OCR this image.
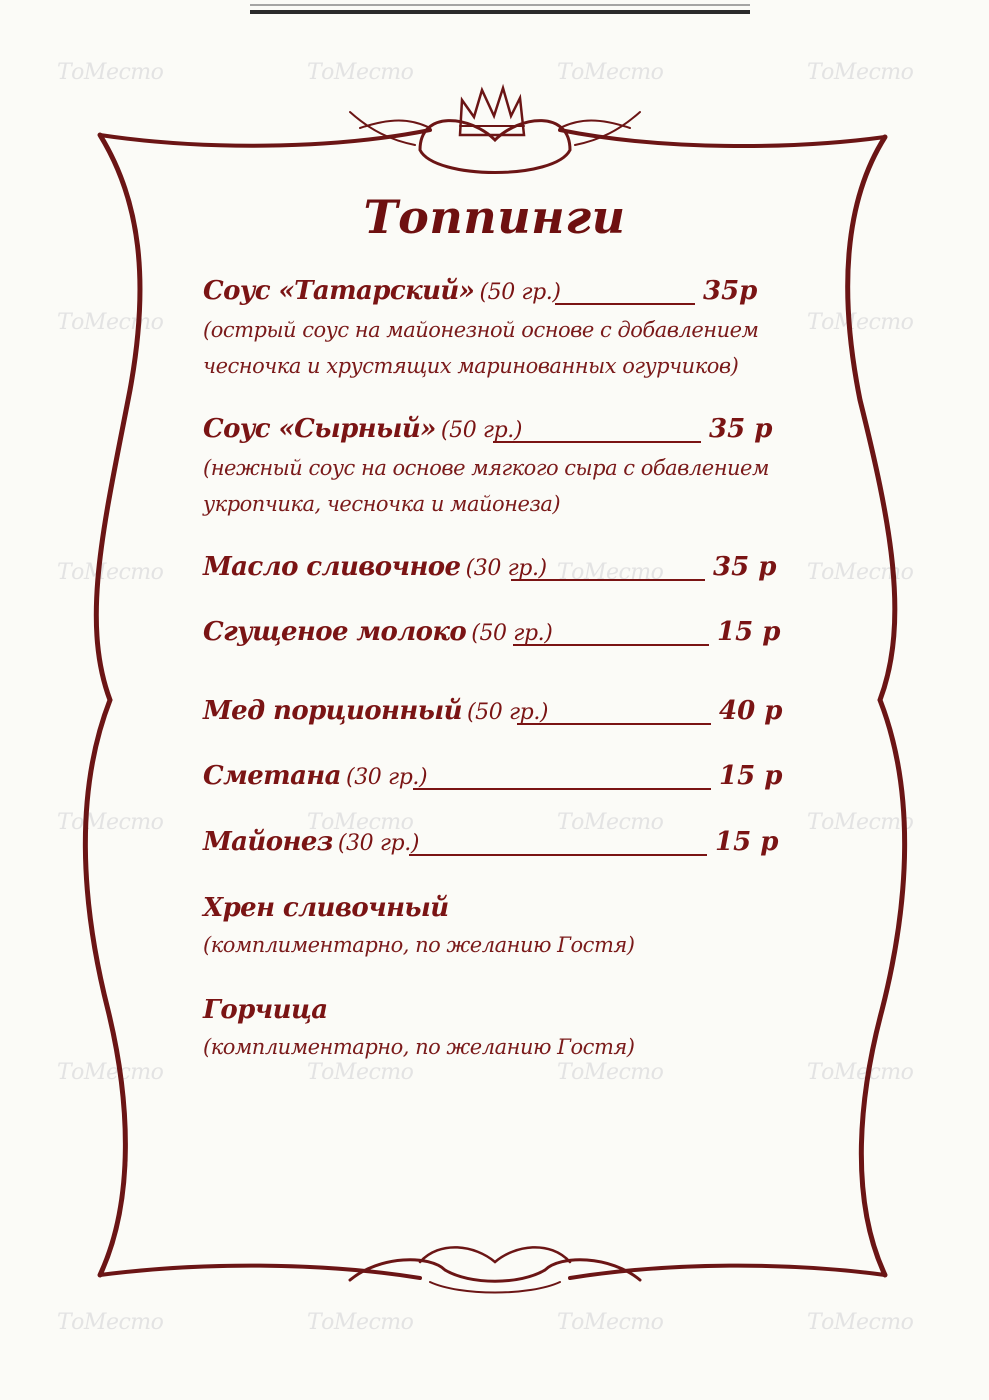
ТоМесто	ТоМесто	ТоМесто	ТоМесто
ТоМесто	ТоМесто
ТоМесто	ТоМесто	ТоМесто
ТоМесто	ТоМесто	ТоМесто	ТоМесто
ТоМесто	ТоМесто	ТоМесто	ТоМесто
ТоМесто	ТоМесто	ТоМесто	ТоМесто
Топпинги
Соус «Татарский» (50 гр.)	35р
(острый соус на майонезной основе с добавлением
чесночка и хрустящих маринованных огурчиков)
Соус «Сырный» (50 гр.)	35 р
(нежный соус на основе мягкого сыра с обавлением
укропчика, чесночка и майонеза)
Масло сливочное (30 гр.)	35 р
Сгущеное молоко (50 гр.)	15 р
Мед порционный (50 гр.)	40 р
Сметана (30 гр.)	15 р
Майонез (30 гр.)	15 р
Хрен сливочный
(комплиментарно, по желанию Гостя)
Горчица
(комплиментарно, по желанию Гостя)
